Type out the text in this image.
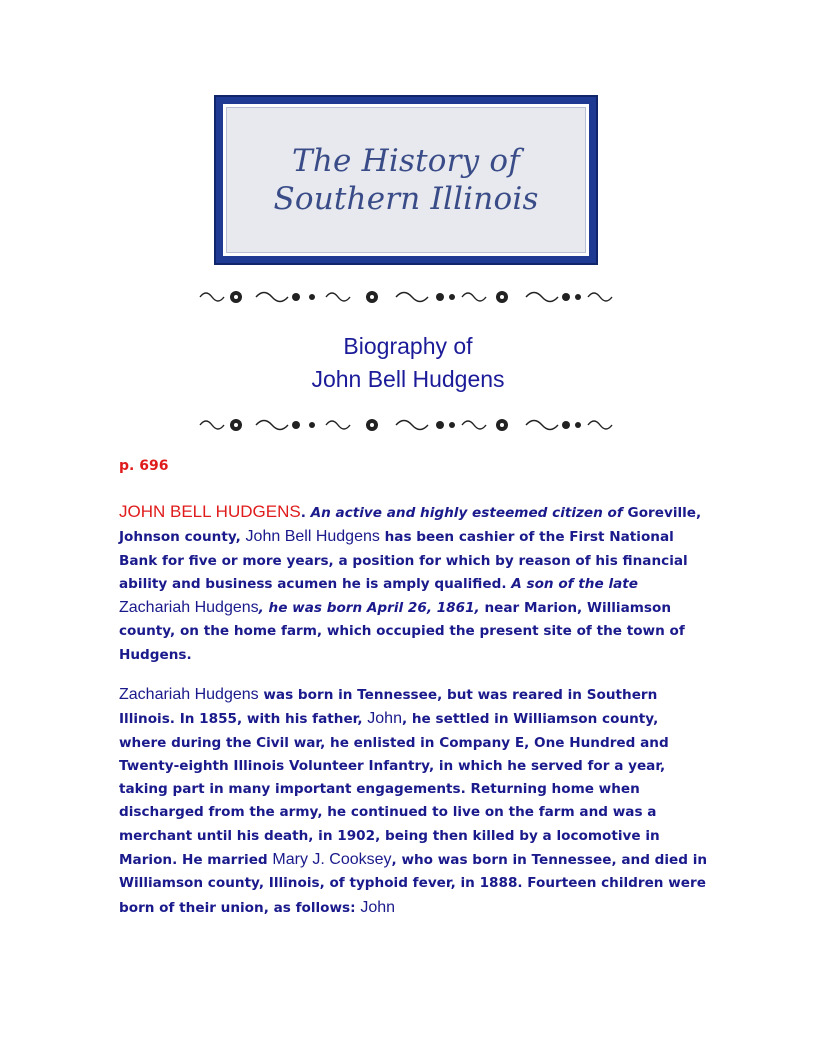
The History of
Southern Illinois
Biography of
John Bell Hudgens
p. 696
JOHN BELL HUDGENS. An active and highly esteemed citizen of Goreville, Johnson county, John Bell Hudgens has been cashier of the First National Bank for five or more years, a position for which by reason of his financial ability and business acumen he is amply qualified. A son of the late Zachariah Hudgens, he was born April 26, 1861, near Marion, Williamson county, on the home farm, which occupied the present site of the town of Hudgens.
Zachariah Hudgens was born in Tennessee, but was reared in Southern Illinois. In 1855, with his father, John, he settled in Williamson county, where during the Civil war, he enlisted in Company E, One Hundred and Twenty-eighth Illinois Volunteer Infantry, in which he served for a year, taking part in many important engagements. Returning home when discharged from the army, he continued to live on the farm and was a merchant until his death, in 1902, being then killed by a locomotive in Marion. He married Mary J. Cooksey, who was born in Tennessee, and died in Williamson county, Illinois, of typhoid fever, in 1888. Fourteen children were born of their union, as follows: John
